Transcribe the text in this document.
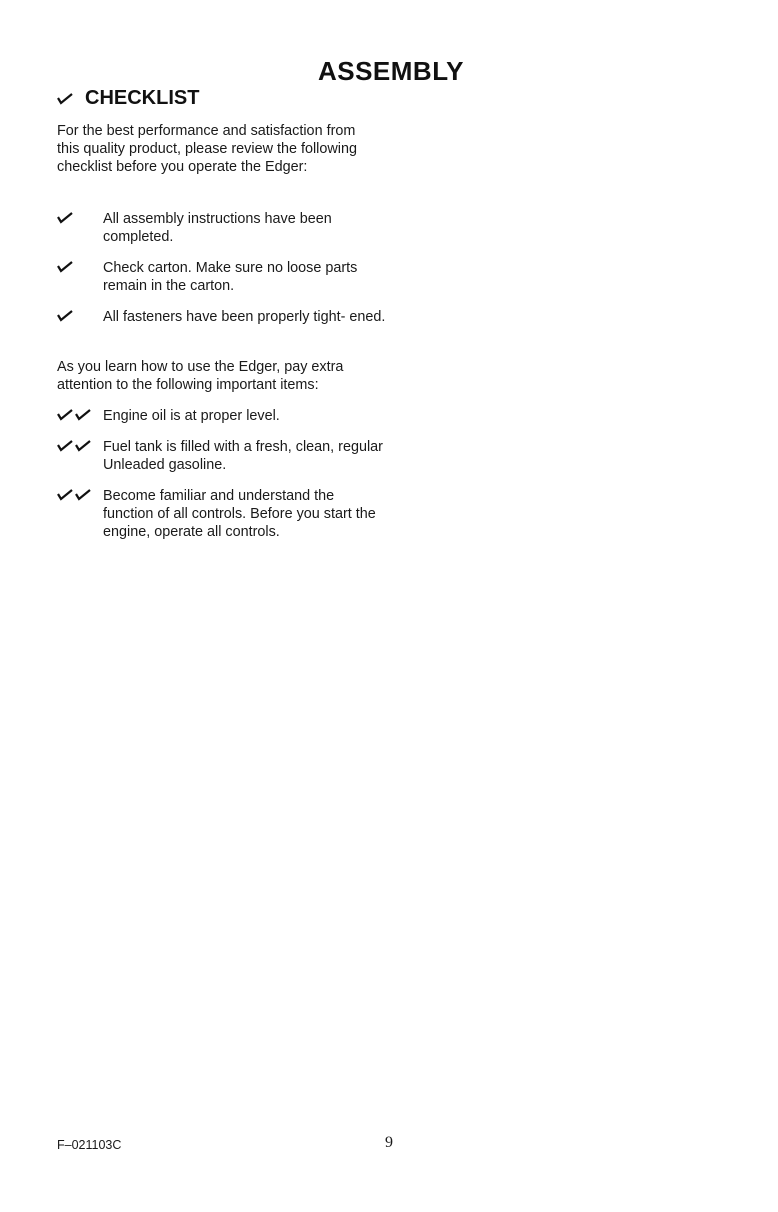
ASSEMBLY
CHECKLIST
For the best performance and satisfaction from this quality product, please review the following checklist before you operate the Edger:
All assembly instructions have been completed.
Check carton. Make sure no loose parts remain in the carton.
All fasteners have been properly tight- ened.
As you learn how to use the Edger, pay extra attention to the following important items:
Engine oil is at proper level.
Fuel tank is filled with a fresh, clean, regular Unleaded gasoline.
Become familiar and understand the function of all controls. Before you start the engine, operate all controls.
F–021103C	9
